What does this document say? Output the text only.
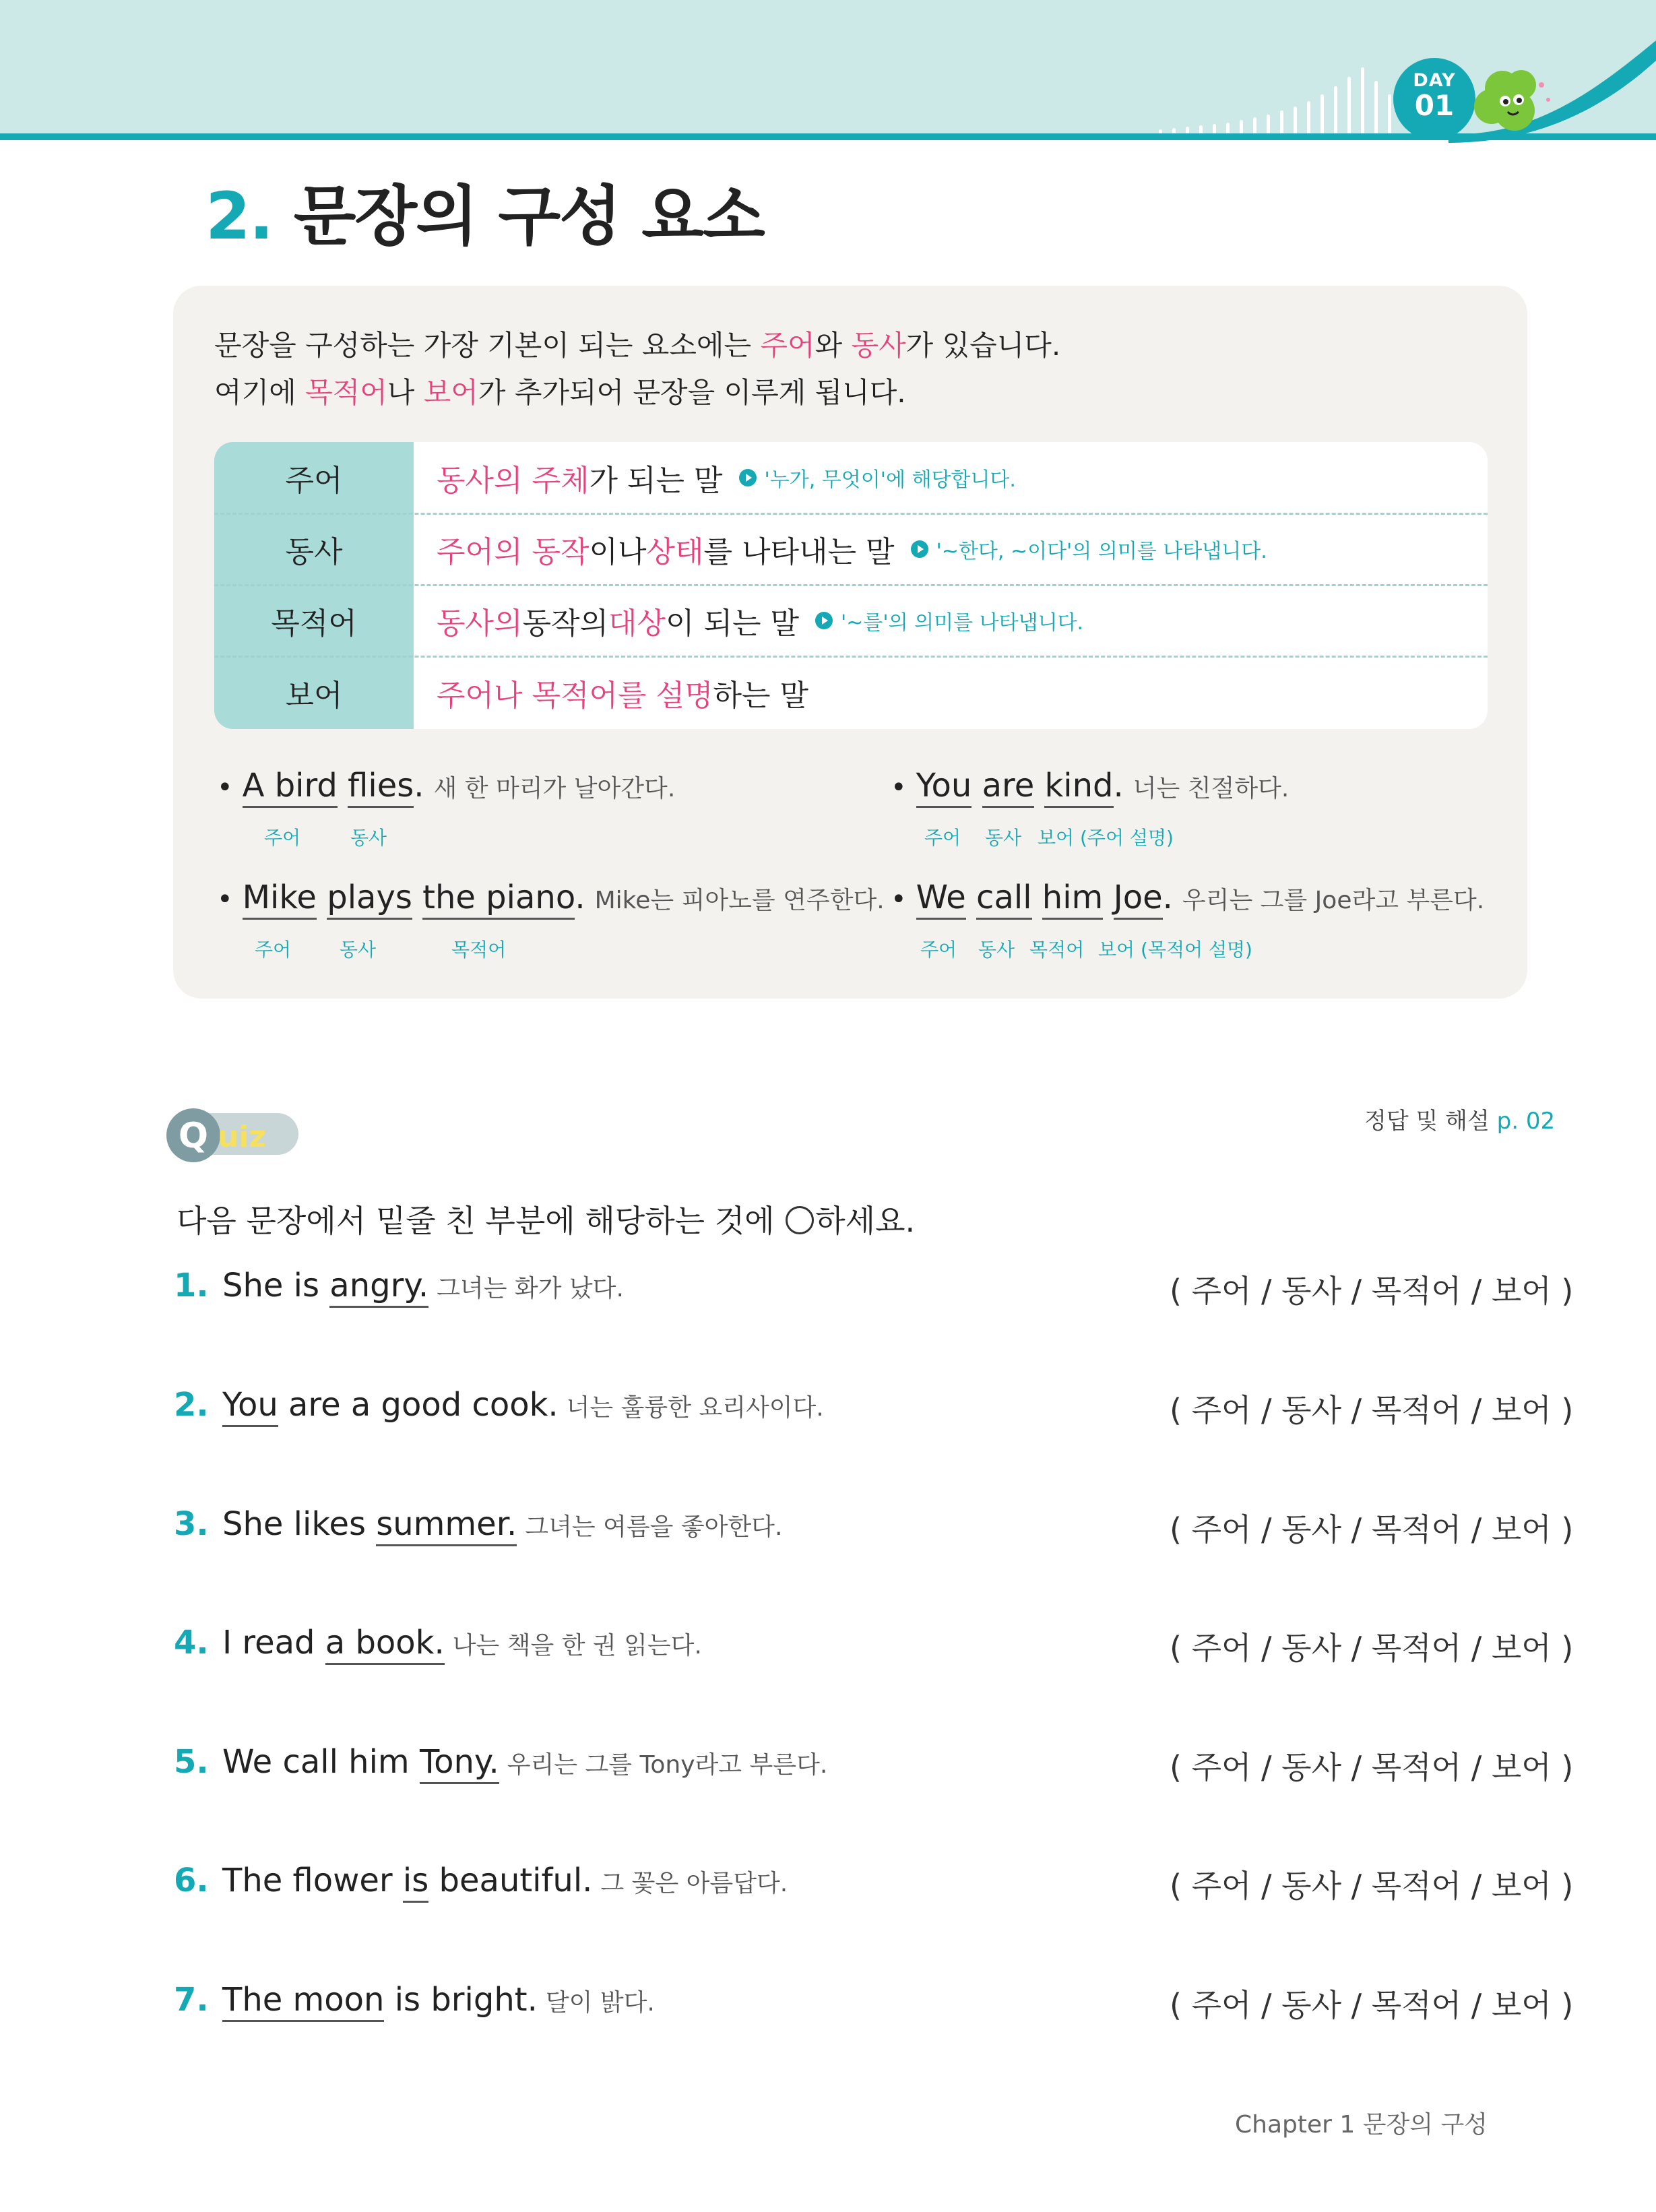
DAY
01
2. 문장의 구성 요소
문장을 구성하는 가장 기본이 되는 요소에는 주어와 동사가 있습니다.
여기에 목적어나 보어가 추가되어 문장을 이루게 됩니다.
주어	동사의 주체 가 되는 말 '누가, 무엇이'에 해당합니다.
동사	주어의 동작 이나 상태 를 나타내는 말 '~한다, ~이다'의 의미를 나타냅니다.
목적어	동사의 동작의 대상 이 되는 말 '~를'의 의미를 나타냅니다.
보어	주어나 목적어를 설명 하는 말
• A bird flies. 새 한 마리가 날아간다.
주어	동사
• You are kind. 너는 친절하다.
주어 동사 보어 (주어 설명)
• Mike plays the piano. Mike는 피아노를 연주한다.
주어	동사	목적어
• We call him Joe. 우리는 그를 Joe라고 부른다.
주어 동사 목적어 보어 (목적어 설명)
Q uiz	정답 및 해설 p. 02
다음 문장에서 밑줄 친 부분에 해당하는 것에 하세요.
1. She is angry. 그녀는 화가 났다.	( 주어 / 동사 / 목적어 / 보어 )
2. You are a good cook. 너는 훌륭한 요리사이다.	( 주어 / 동사 / 목적어 / 보어 )
3. She likes summer. 그녀는 여름을 좋아한다.	( 주어 / 동사 / 목적어 / 보어 )
4. I read a book. 나는 책을 한 권 읽는다.	( 주어 / 동사 / 목적어 / 보어 )
5. We call him Tony. 우리는 그를 Tony라고 부른다.	( 주어 / 동사 / 목적어 / 보어 )
6. The flower is beautiful. 그 꽃은 아름답다.	( 주어 / 동사 / 목적어 / 보어 )
7. The moon is bright. 달이 밝다.	( 주어 / 동사 / 목적어 / 보어 )
Chapter 1 문장의 구성
